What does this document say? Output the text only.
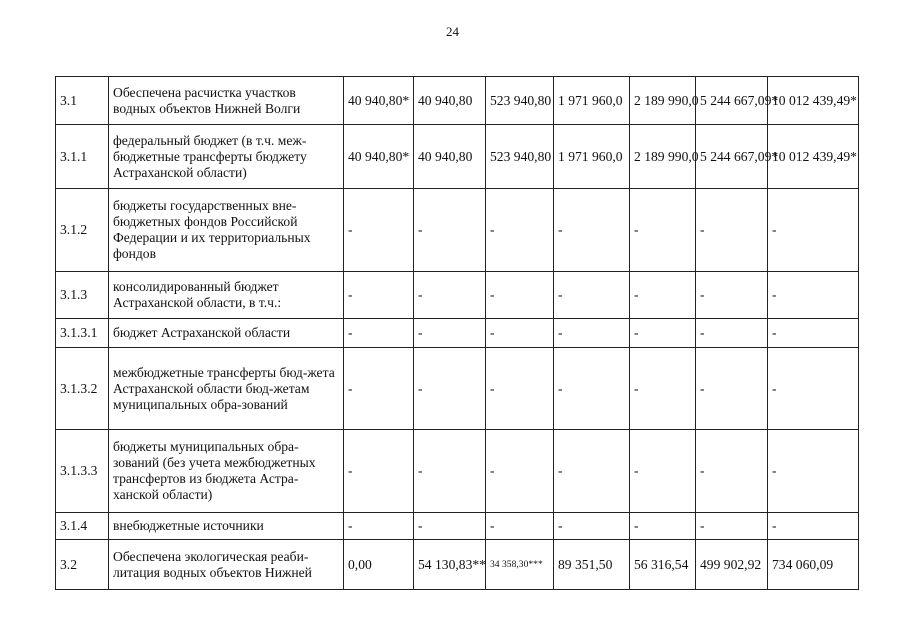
24
3.1	Обеспечена расчистка участков водных объектов Нижней Волги	40 940,80*	40 940,80	523 940,80	1 971 960,0	2 189 990,0	5 244 667,09*	10 012 439,49*
3.1.1	федеральный бюджет (в т.ч. меж-бюджетные трансферты бюджету Астраханской области)	40 940,80*	40 940,80	523 940,80	1 971 960,0	2 189 990,0	5 244 667,09*	10 012 439,49*
3.1.2	бюджеты государственных вне-бюджетных фондов Российской Федерации и их территориальных фондов	-	-	-	-	-	-	-
3.1.3	консолидированный бюджет Астраханской области, в т.ч.:	-	-	-	-	-	-	-
3.1.3.1	бюджет Астраханской области	-	-	-	-	-	-	-
3.1.3.2	межбюджетные трансферты бюд-жета Астраханской области бюд-жетам муниципальных обра-зований	-	-	-	-	-	-	-
3.1.3.3	бюджеты муниципальных обра-зований (без учета межбюджетных трансфертов из бюджета Астра-ханской области)	-	-	-	-	-	-	-
3.1.4	внебюджетные источники	-	-	-	-	-	-	-
3.2	Обеспечена экологическая реаби-литация водных объектов Нижней	0,00	54 130,83**	34 358,30***	89 351,50	56 316,54	499 902,92	734 060,09
